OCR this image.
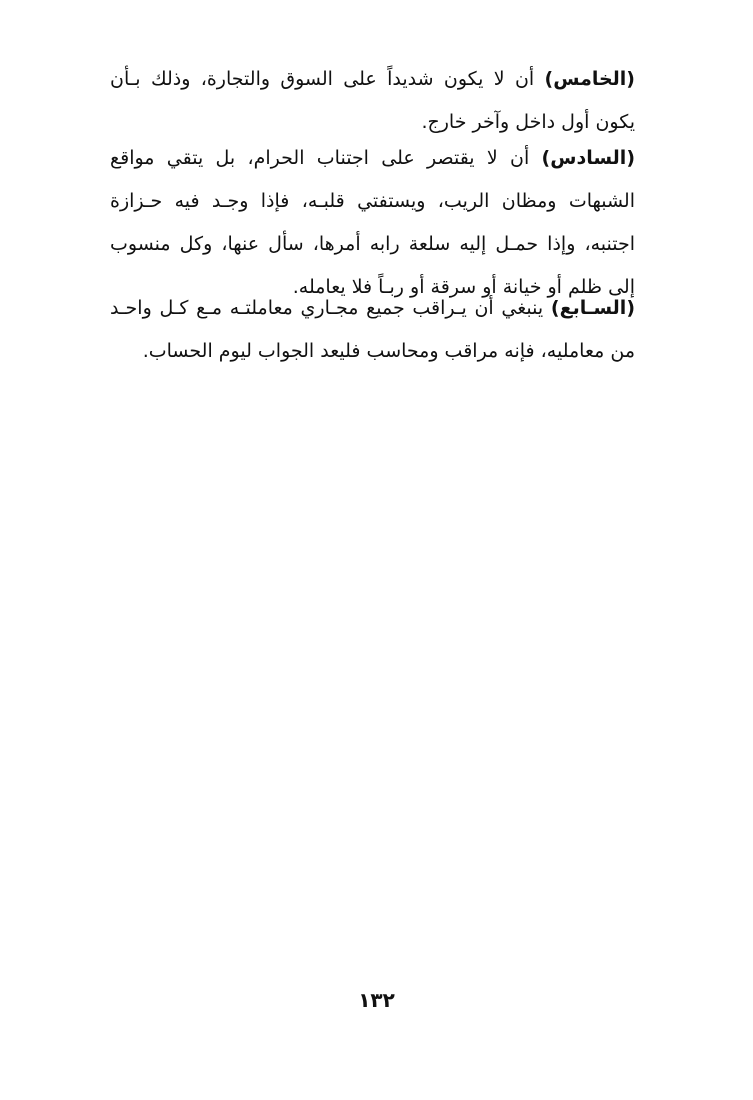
(الخامس) أن لا يكون شديداً على السوق والتجارة، وذلك بـأن يكون أول داخل وآخر خارج.

(السادس) أن لا يقتصر على اجتناب الحرام، بل يتقي مواقع الشبهات ومظان الريب، ويستفتي قلبـه، فإذا وجـد فيه حـزازة اجتنبه، وإذا حمـل إليه سلعة رابه أمرها، سأل عنها، وكل منسوب إلى ظلم أو خيانة أو سرقة أو ربـاً فلا يعامله.

(السـابع) ينبغي أن يـراقب جميع مجـاري معاملتـه مـع كـل واحـد من معامليه، فإنه مراقب ومحاسب فليعد الجواب ليوم الحساب.

١٣٢
